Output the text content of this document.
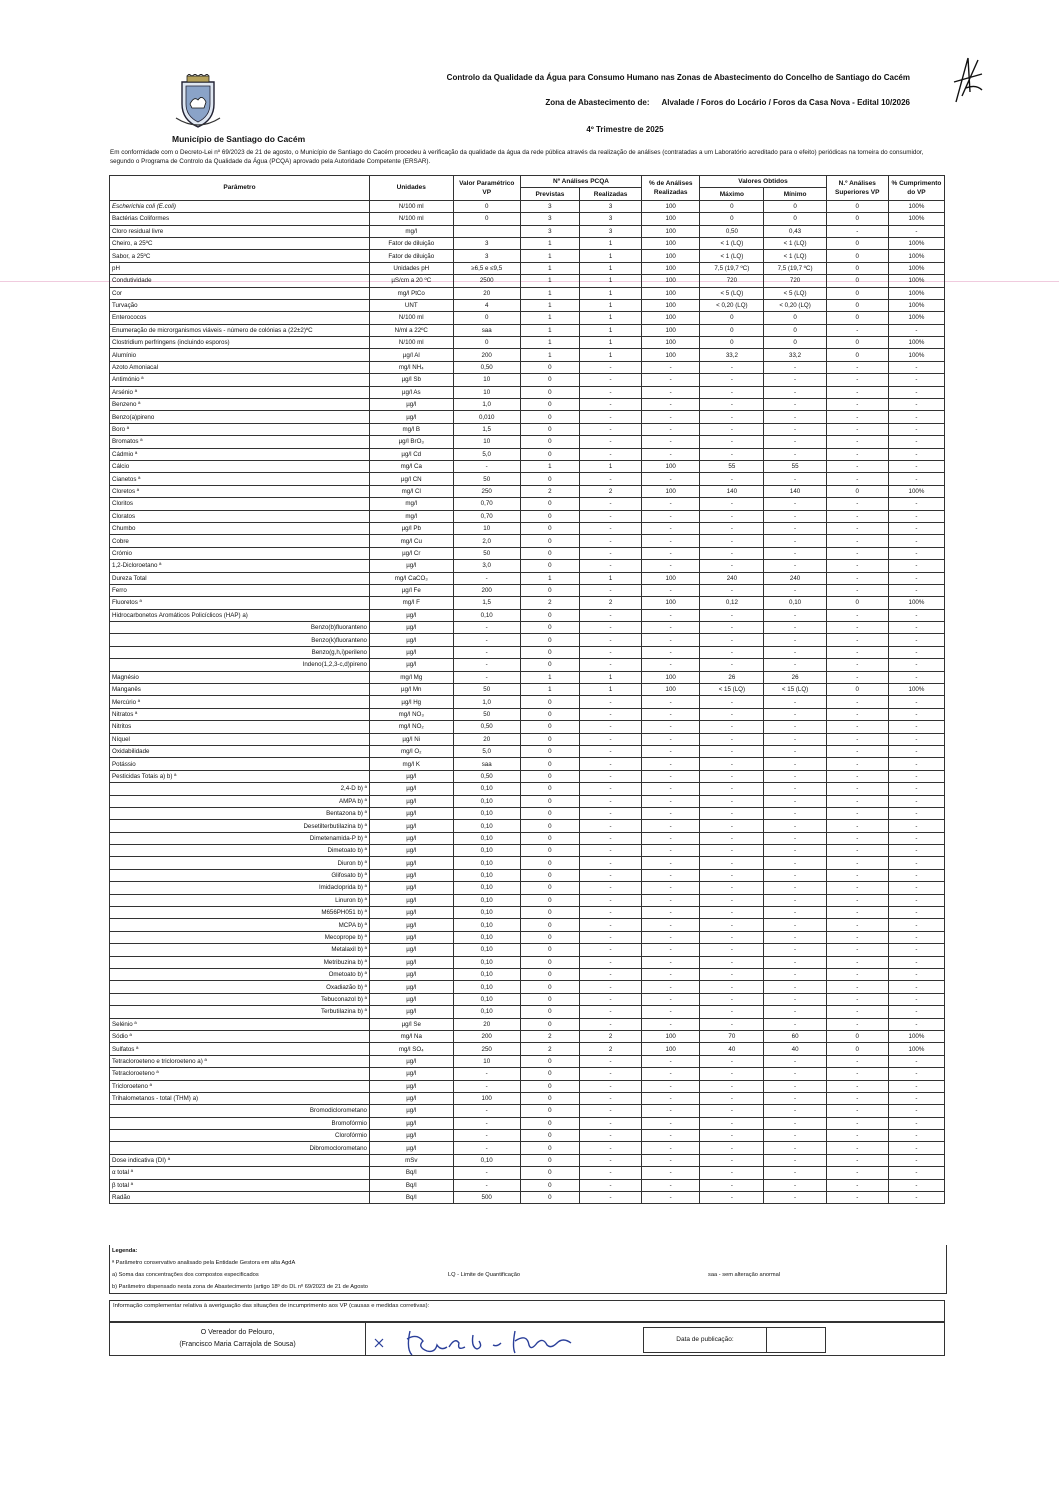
Município de Santiago do Cacém
Controlo da Qualidade da Água para Consumo Humano nas Zonas de Abastecimento do Concelho de Santiago do Cacém
Zona de Abastecimento de: Alvalade / Foros do Locário / Foros da Casa Nova - Edital 10/2026
4º Trimestre de 2025
Em conformidade com o Decreto-Lei nº 69/2023 de 21 de agosto, o Município de Santiago do Cacém procedeu à verificação da qualidade da água da rede pública através da realização de análises (contratadas a um Laboratório acreditado para o efeito) periódicas na torneira do consumidor, segundo o Programa de Controlo da Qualidade da Água (PCQA) aprovado pela Autoridade Competente (ERSAR).
Parâmetro	Unidades	Valor Paramétrico VP	Nº Análises PCQA		% de Análises Realizadas	Valores Obtidos		N.º Análises Superiores VP	% Cumprimento do VP
			Previstas	Realizadas		Máximo	Mínimo		
Escherichia coli (E.coli)	N/100 ml	0	3	3	100	0	0	0	100%
Bactérias Coliformes	N/100 ml	0	3	3	100	0	0	0	100%
Cloro residual livre	mg/l		3	3	100	0,50	0,43	-	-
Cheiro, a 25ºC	Fator de diluição	3	1	1	100	< 1 (LQ)	< 1 (LQ)	0	100%
Sabor, a 25ºC	Fator de diluição	3	1	1	100	< 1 (LQ)	< 1 (LQ)	0	100%
pH	Unidades pH	≥6,5 e ≤9,5	1	1	100	7,5 (19,7 ºC)	7,5 (19,7 ºC)	0	100%
Condutividade	µS/cm a 20 ºC	2500	1	1	100	720	720	0	100%
Cor	mg/l PtCo	20	1	1	100	< 5 (LQ)	< 5 (LQ)	0	100%
Turvação	UNT	4	1	1	100	< 0,20 (LQ)	< 0,20 (LQ)	0	100%
Enterococos	N/100 ml	0	1	1	100	0	0	0	100%
Enumeração de microrganismos viáveis - número de colónias a (22±2)ºC	N/ml a 22ºC	saa	1	1	100	0	0	-	-
Clostridium perfringens (incluindo esporos)	N/100 ml	0	1	1	100	0	0	0	100%
Alumínio	µg/l Al	200	1	1	100	33,2	33,2	0	100%
Azoto Amoniacal	mg/l NH₄	0,50	0	-	-	-	-	-	-
Antimónio ª	µg/l Sb	10	0	-	-	-	-	-	-
Arsénio ª	µg/l As	10	0	-	-	-	-	-	-
Benzeno ª	µg/l	1,0	0	-	-	-	-	-	-
Benzo(a)pireno	µg/l	0,010	0	-	-	-	-	-	-
Boro ª	mg/l B	1,5	0	-	-	-	-	-	-
Bromatos ª	µg/l BrO₃	10	0	-	-	-	-	-	-
Cádmio ª	µg/l Cd	5,0	0	-	-	-	-	-	-
Cálcio	mg/l Ca	-	1	1	100	55	55	-	-
Cianetos ª	µg/l CN	50	0	-	-	-	-	-	-
Cloretos ª	mg/l Cl	250	2	2	100	140	140	0	100%
Cloritos	mg/l	0,70	0	-	-	-	-	-	-
Cloratos	mg/l	0,70	0	-	-	-	-	-	-
Chumbo	µg/l Pb	10	0	-	-	-	-	-	-
Cobre	mg/l Cu	2,0	0	-	-	-	-	-	-
Crómio	µg/l Cr	50	0	-	-	-	-	-	-
1,2-Dicloroetano ª	µg/l	3,0	0	-	-	-	-	-	-
Dureza Total	mg/l CaCO₃	-	1	1	100	240	240	-	-
Ferro	µg/l Fe	200	0	-	-	-	-	-	-
Fluoretos ª	mg/l F	1,5	2	2	100	0,12	0,10	0	100%
Hidrocarbonetos Aromáticos Policíclicos (HAP) a)	µg/l	0,10	0	-	-	-	-	-	-
Benzo(b)fluoranteno	µg/l	-	0	-	-	-	-	-	-
Benzo(k)fluoranteno	µg/l	-	0	-	-	-	-	-	-
Benzo(g,h,i)perileno	µg/l	-	0	-	-	-	-	-	-
Indeno(1,2,3-c,d)pireno	µg/l	-	0	-	-	-	-	-	-
Magnésio	mg/l Mg	-	1	1	100	26	26	-	-
Manganês	µg/l Mn	50	1	1	100	< 15 (LQ)	< 15 (LQ)	0	100%
Mercúrio ª	µg/l Hg	1,0	0	-	-	-	-	-	-
Nitratos ª	mg/l NO₃	50	0	-	-	-	-	-	-
Nitritos	mg/l NO₂	0,50	0	-	-	-	-	-	-
Níquel	µg/l Ni	20	0	-	-	-	-	-	-
Oxidabilidade	mg/l O₂	5,0	0	-	-	-	-	-	-
Potássio	mg/l K	saa	0	-	-	-	-	-	-
Pesticidas Totais a) b) ª	µg/l	0,50	0	-	-	-	-	-	-
2,4-D b) ª	µg/l	0,10	0	-	-	-	-	-	-
AMPA b) ª	µg/l	0,10	0	-	-	-	-	-	-
Bentazona b) ª	µg/l	0,10	0	-	-	-	-	-	-
Desetilterbutilazina b) ª	µg/l	0,10	0	-	-	-	-	-	-
Dimetenamida-P b) ª	µg/l	0,10	0	-	-	-	-	-	-
Dimetoato b) ª	µg/l	0,10	0	-	-	-	-	-	-
Diuron b) ª	µg/l	0,10	0	-	-	-	-	-	-
Glifosato b) ª	µg/l	0,10	0	-	-	-	-	-	-
Imidacloprida b) ª	µg/l	0,10	0	-	-	-	-	-	-
Linuron b) ª	µg/l	0,10	0	-	-	-	-	-	-
M656PH051 b) ª	µg/l	0,10	0	-	-	-	-	-	-
MCPA b) ª	µg/l	0,10	0	-	-	-	-	-	-
Mecoprope b) ª	µg/l	0,10	0	-	-	-	-	-	-
Metalaxil b) ª	µg/l	0,10	0	-	-	-	-	-	-
Metribuzina b) ª	µg/l	0,10	0	-	-	-	-	-	-
Ometoato b) ª	µg/l	0,10	0	-	-	-	-	-	-
Oxadiazão b) ª	µg/l	0,10	0	-	-	-	-	-	-
Tebuconazol b) ª	µg/l	0,10	0	-	-	-	-	-	-
Terbutilazina b) ª	µg/l	0,10	0	-	-	-	-	-	-
Selénio ª	µg/l Se	20	0	-	-	-	-	-	-
Sódio ª	mg/l Na	200	2	2	100	70	60	0	100%
Sulfatos ª	mg/l SO₄	250	2	2	100	40	40	0	100%
Tetracloroeteno e tricloroeteno a) ª	µg/l	10	0	-	-	-	-	-	-
Tetracloroeteno ª	µg/l	-	0	-	-	-	-	-	-
Tricloroeteno ª	µg/l	-	0	-	-	-	-	-	-
Trihalometanos - total (THM) a)	µg/l	100	0	-	-	-	-	-	-
Bromodiclorometano	µg/l	-	0	-	-	-	-	-	-
Bromofórmio	µg/l	-	0	-	-	-	-	-	-
Clorofórmio	µg/l	-	0	-	-	-	-	-	-
Dibromoclorometano	µg/l	-	0	-	-	-	-	-	-
Dose indicativa (DI) ª	mSv	0,10	0	-	-	-	-	-	-
α total ª	Bq/l	-	0	-	-	-	-	-	-
β total ª	Bq/l	-	0	-	-	-	-	-	-
Radão	Bq/l	500	0	-	-	-	-	-	-
Legenda:
ª Parâmetro conservativo analisado pela Entidade Gestora em alta AgdA
a) Soma das concentrações dos compostos especificados	LQ - Limite de Quantificação	saa - sem alteração anormal
b) Parâmetro dispensado nesta zona de Abastecimento (artigo 18º do DL nº 69/2023 de 21 de Agosto
Informação complementar relativa à averiguação das situações de incumprimento aos VP (causas e medidas corretivas):
O Vereador do Pelouro,
(Francisco Maria Carrajola de Sousa)
Data de publicação:
